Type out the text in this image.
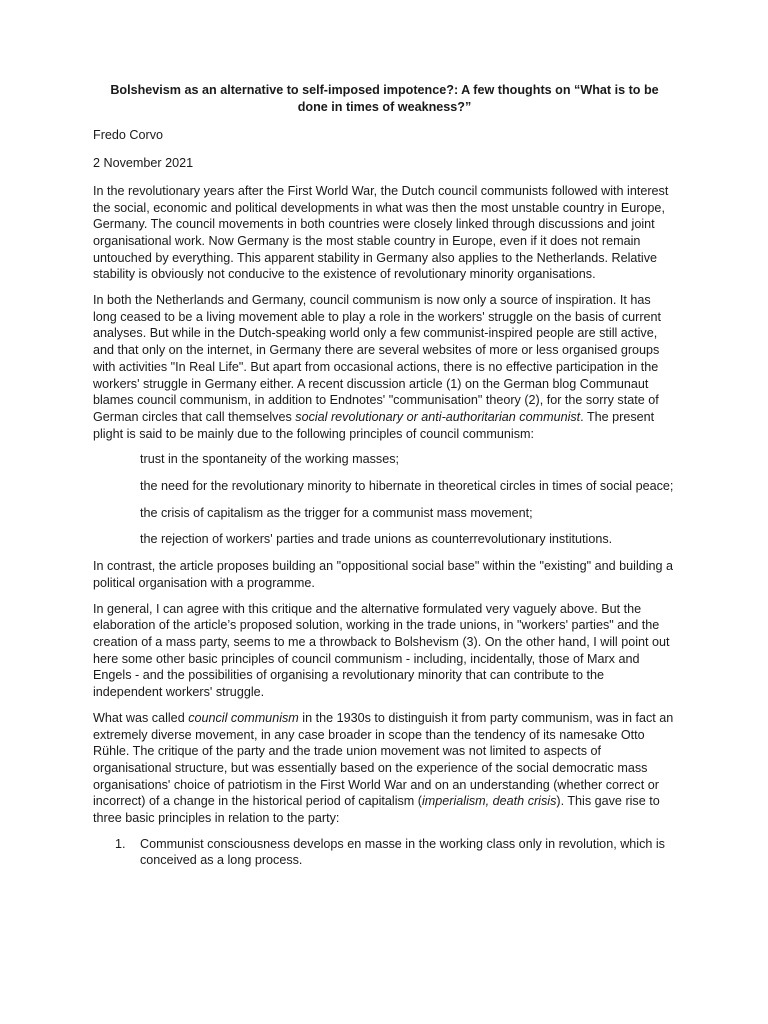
Bolshevism as an alternative to self-imposed impotence?: A few thoughts on “What is to be done in times of weakness?”
Fredo Corvo
2 November 2021

In the revolutionary years after the First World War, the Dutch council communists followed with interest the social, economic and political developments in what was then the most unstable country in Europe, Germany. The council movements in both countries were closely linked through discussions and joint organisational work. Now Germany is the most stable country in Europe, even if it does not remain untouched by everything. This apparent stability in Germany also applies to the Netherlands. Relative stability is obviously not conducive to the existence of revolutionary minority organisations.

In both the Netherlands and Germany, council communism is now only a source of inspiration. It has long ceased to be a living movement able to play a role in the workers' struggle on the basis of current analyses. But while in the Dutch-speaking world only a few communist-inspired people are still active, and that only on the internet, in Germany there are several websites of more or less organised groups with activities "In Real Life". But apart from occasional actions, there is no effective participation in the workers' struggle in Germany either. A recent discussion article (1) on the German blog Communaut blames council communism, in addition to Endnotes' "communisation" theory (2), for the sorry state of German circles that call themselves social revolutionary or anti-authoritarian communist. The present plight is said to be mainly due to the following principles of council communism:

trust in the spontaneity of the working masses;
the need for the revolutionary minority to hibernate in theoretical circles in times of social peace;
the crisis of capitalism as the trigger for a communist mass movement;
the rejection of workers' parties and trade unions as counterrevolutionary institutions.

In contrast, the article proposes building an "oppositional social base" within the "existing" and building a political organisation with a programme.

In general, I can agree with this critique and the alternative formulated very vaguely above. But the elaboration of the article’s proposed solution, working in the trade unions, in "workers' parties" and the creation of a mass party, seems to me a throwback to Bolshevism (3). On the other hand, I will point out here some other basic principles of council communism - including, incidentally, those of Marx and Engels - and the possibilities of organising a revolutionary minority that can contribute to the independent workers' struggle.

What was called council communism in the 1930s to distinguish it from party communism, was in fact an extremely diverse movement, in any case broader in scope than the tendency of its namesake Otto Rühle. The critique of the party and the trade union movement was not limited to aspects of organisational structure, but was essentially based on the experience of the social democratic mass organisations' choice of patriotism in the First World War and on an understanding (whether correct or incorrect) of a change in the historical period of capitalism (imperialism, death crisis). This gave rise to three basic principles in relation to the party:

1. Communist consciousness develops en masse in the working class only in revolution, which is conceived as a long process.
